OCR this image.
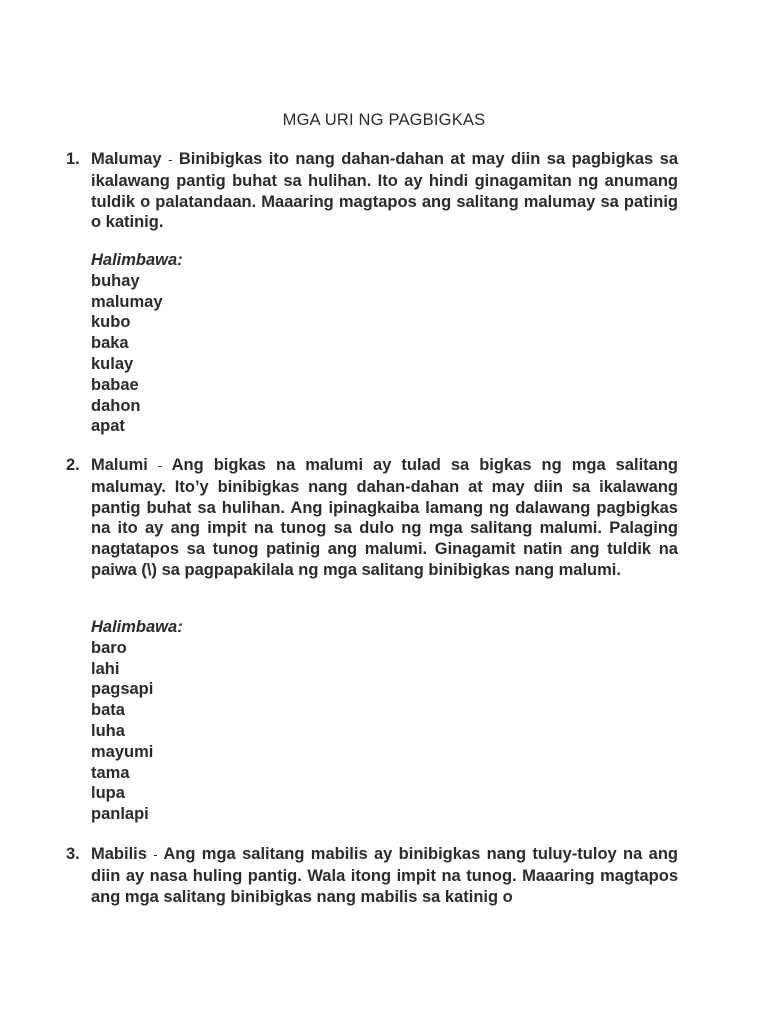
MGA URI NG PAGBIGKAS
1. Malumay - Binibigkas ito nang dahan-dahan at may diin sa pagbigkas sa ikalawang pantig buhat sa hulihan. Ito ay hindi ginagamitan ng anumang tuldik o palatandaan. Maaaring magtapos ang salitang malumay sa patinig o katinig.
Halimbawa:
buhay
malumay
kubo
baka
kulay
babae
dahon
apat
2. Malumi - Ang bigkas na malumi ay tulad sa bigkas ng mga salitang malumay. Ito’y binibigkas nang dahan-dahan at may diin sa ikalawang pantig buhat sa hulihan. Ang ipinagkaiba lamang ng dalawang pagbigkas na ito ay ang impit na tunog sa dulo ng mga salitang malumi. Palaging nagtatapos sa tunog patinig ang malumi. Ginagamit natin ang tuldik na paiwa (\) sa pagpapakilala ng mga salitang binibigkas nang malumi.
Halimbawa:
baro
lahi
pagsapi
bata
luha
mayumi
tama
lupa
panlapi
3. Mabilis - Ang mga salitang mabilis ay binibigkas nang tuluy-tuloy na ang diin ay nasa huling pantig. Wala itong impit na tunog. Maaaring magtapos ang mga salitang binibigkas nang mabilis sa katinig o
